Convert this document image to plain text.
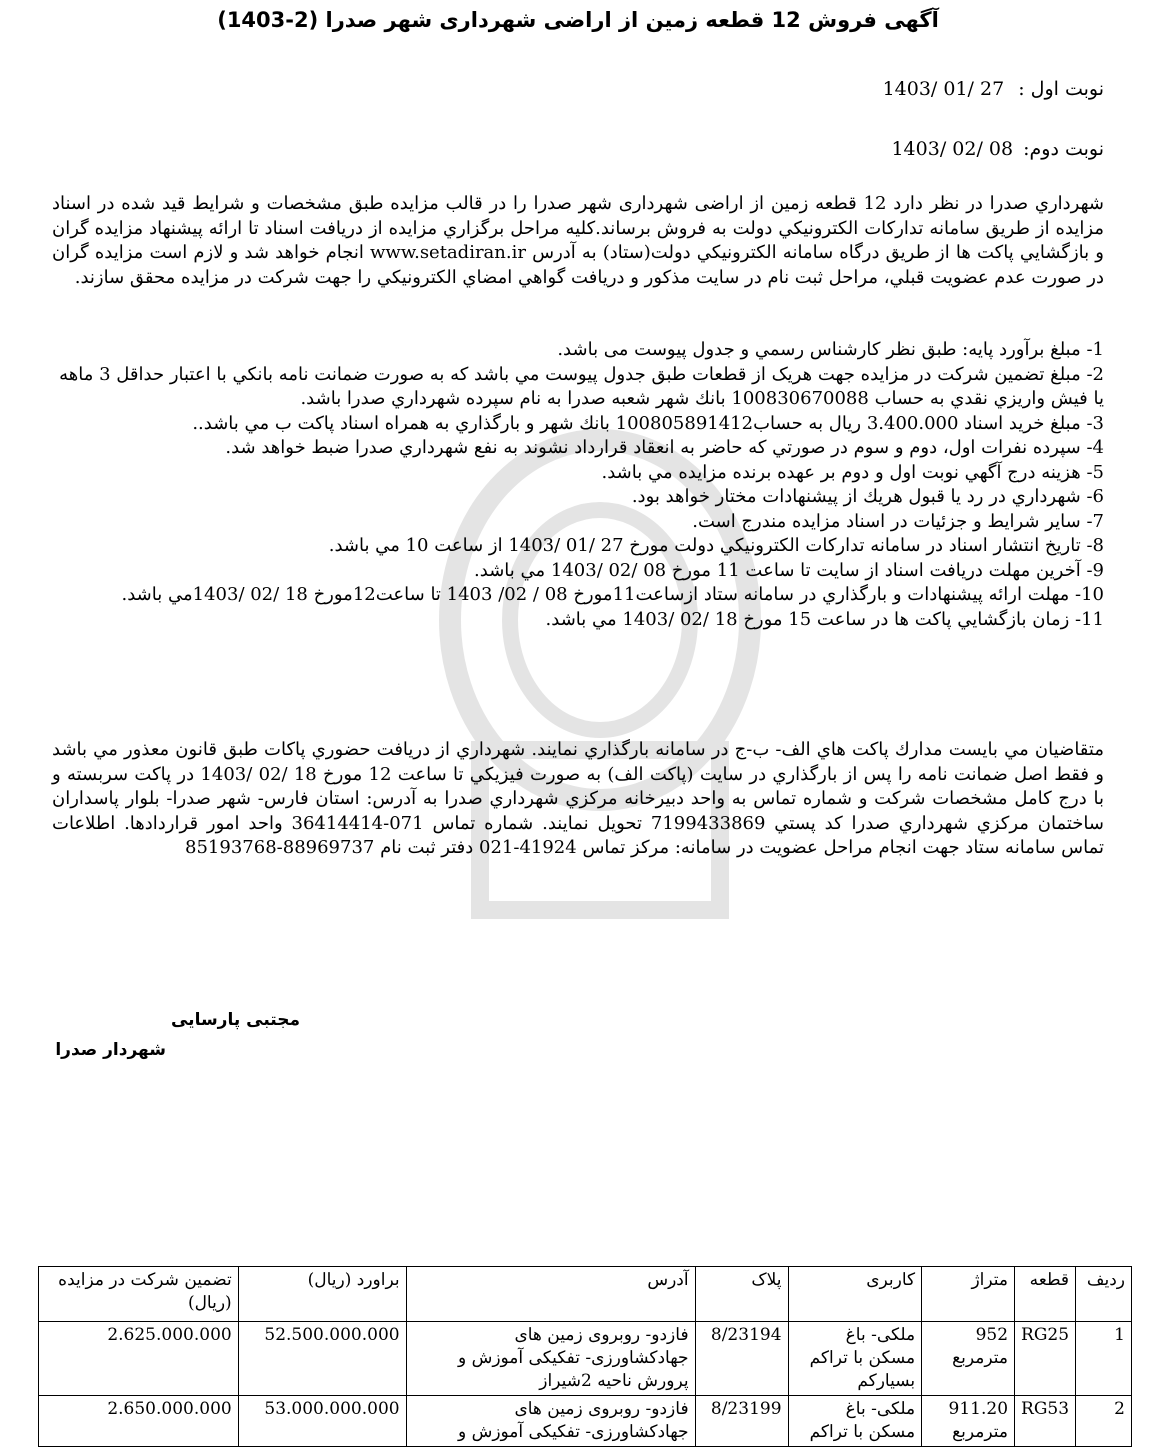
آگهی فروش 12 قطعه زمین از اراضی شهرداری شهر صدرا (2-1403)
نوبت اول : 1403/ 01/ 27
نوبت دوم: 1403/ 02/ 08
شهرداري صدرا در نظر دارد 12 قطعه زمین از اراضی شهرداری شهر صدرا را در قالب مزايده طبق مشخصات و شرايط قيد شده در اسناد مزايده از طريق سامانه تداركات الكترونيكي دولت به فروش برساند.كليه مراحل برگزاري مزايده از دريافت اسناد تا ارائه پيشنهاد مزايده گران و بازگشايي پاكت ها از طريق درگاه سامانه الكترونيكي دولت(ستاد) به آدرس www.setadiran.ir انجام خواهد شد و لازم است مزايده گران در صورت عدم عضويت قبلي، مراحل ثبت نام در سايت مذكور و دريافت گواهي امضاي الكترونيكي را جهت شركت در مزايده محقق سازند.
1- مبلغ برآورد پایه: طبق نظر كارشناس رسمي و جدول پیوست می باشد.
2- مبلغ تضمين شركت در مزايده جهت هریک از قطعات طبق جدول پیوست مي باشد که به صورت ضمانت نامه بانکي با اعتبار حداقل 3 ماهه یا فيش واريزي نقدي به حساب 100830670088 بانك شهر شعبه صدرا به نام سپرده شهرداري صدرا باشد.
3- مبلغ خرید اسناد 3.400.000 ریال به حساب100805891412 بانك شهر و بارگذاري به همراه اسناد پاكت ب مي باشد..
4- سپرده نفرات اول، دوم و سوم در صورتي كه حاضر به انعقاد قرارداد نشوند به نفع شهرداري صدرا ضبط خواهد شد.
5- هزينه درج آگهي نوبت اول و دوم بر عهده برنده مزايده مي باشد.
6- شهرداري در رد يا قبول هريك از پيشنهادات مختار خواهد بود.
7- ساير شرايط و جزئيات در اسناد مزايده مندرج است.
8- تاريخ انتشار اسناد در سامانه تداركات الكترونيكي دولت مورخ 27 /01 /1403 از ساعت 10 مي باشد.
9- آخرين مهلت دريافت اسناد از سايت تا ساعت 11 مورخ 08 /02 /1403 مي باشد.
10- مهلت ارائه پيشنهادات و بارگذاري در سامانه ستاد ازساعت11مورخ 08 / 02/ 1403 تا ساعت12مورخ 18 /02 /1403مي باشد.
11- زمان بازگشايي پاكت ها در ساعت 15 مورخ 18 /02 /1403 مي باشد.
متقاضيان مي بايست مدارك پاكت هاي الف- ب-ج در سامانه بارگذاري نمايند. شهرداري از دريافت حضوري پاكات طبق قانون معذور مي باشد و فقط اصل ضمانت نامه را پس از بارگذاري در سايت (پاكت الف) به صورت فيزيكي تا ساعت 12 مورخ 18 /02 /1403 در پاكت سربسته و با درج كامل مشخصات شركت و شماره تماس به واحد دبيرخانه مركزي شهرداري صدرا به آدرس: استان فارس- شهر صدرا- بلوار پاسداران ساختمان مركزي شهرداري صدرا كد پستي 7199433869 تحويل نمايند. شماره تماس 071-36414414 واحد امور قراردادها. اطلاعات تماس سامانه ستاد جهت انجام مراحل عضويت در سامانه: مركز تماس 41924-021 دفتر ثبت نام 88969737-85193768
مجتبی پارسایی
شهردار صدرا
ردیف	قطعه	متراژ	کاربری	پلاک	آدرس	براورد (ریال)	تضمین شرکت در مزایده (ریال)
1	RG25	952 مترمربع	ملکی- باغ مسکن با تراکم بسیارکم	8/23194	فازدو- روبروی زمین های جهادکشاورزی- تفکیکی آموزش و پرورش ناحیه 2شیراز	52.500.000.000	2.625.000.000
2	RG53	911.20 مترمربع	ملکی- باغ مسکن با تراکم	8/23199	فازدو- روبروی زمین های جهادکشاورزی- تفکیکی آموزش و	53.000.000.000	2.650.000.000
